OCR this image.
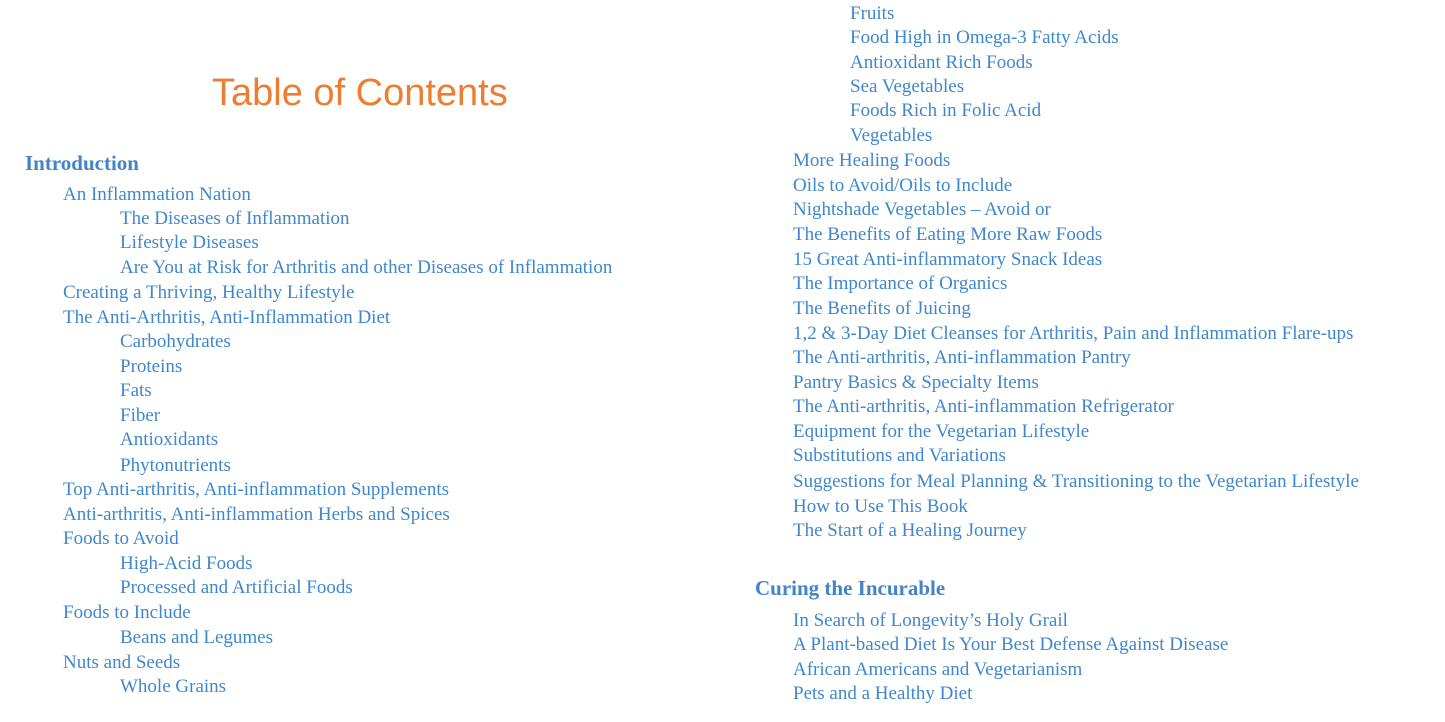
Table of Contents
Introduction
An Inflammation Nation
The Diseases of Inflammation
Lifestyle Diseases
Are You at Risk for Arthritis and other Diseases of Inflammation
Creating a Thriving, Healthy Lifestyle
The Anti-Arthritis, Anti-Inflammation Diet
Carbohydrates
Proteins
Fats
Fiber
Antioxidants
Phytonutrients
Top Anti-arthritis, Anti-inflammation Supplements
Anti-arthritis, Anti-inflammation Herbs and Spices
Foods to Avoid
High-Acid Foods
Processed and Artificial Foods
Foods to Include
Beans and Legumes
Nuts and Seeds
Whole Grains
Fruits
Food High in Omega-3 Fatty Acids
Antioxidant Rich Foods
Sea Vegetables
Foods Rich in Folic Acid
Vegetables
More Healing Foods
Oils to Avoid/Oils to Include
Nightshade Vegetables – Avoid or
The Benefits of Eating More Raw Foods
15 Great Anti-inflammatory Snack Ideas
The Importance of Organics
The Benefits of Juicing
1,2 & 3-Day Diet Cleanses for Arthritis, Pain and Inflammation Flare-ups
The Anti-arthritis, Anti-inflammation Pantry
Pantry Basics & Specialty Items
The Anti-arthritis, Anti-inflammation Refrigerator
Equipment for the Vegetarian Lifestyle
Substitutions and Variations
Suggestions for Meal Planning & Transitioning to the Vegetarian Lifestyle
How to Use This Book
The Start of a Healing Journey
Curing the Incurable
In Search of Longevity’s Holy Grail
A Plant-based Diet Is Your Best Defense Against Disease
African Americans and Vegetarianism
Pets and a Healthy Diet
